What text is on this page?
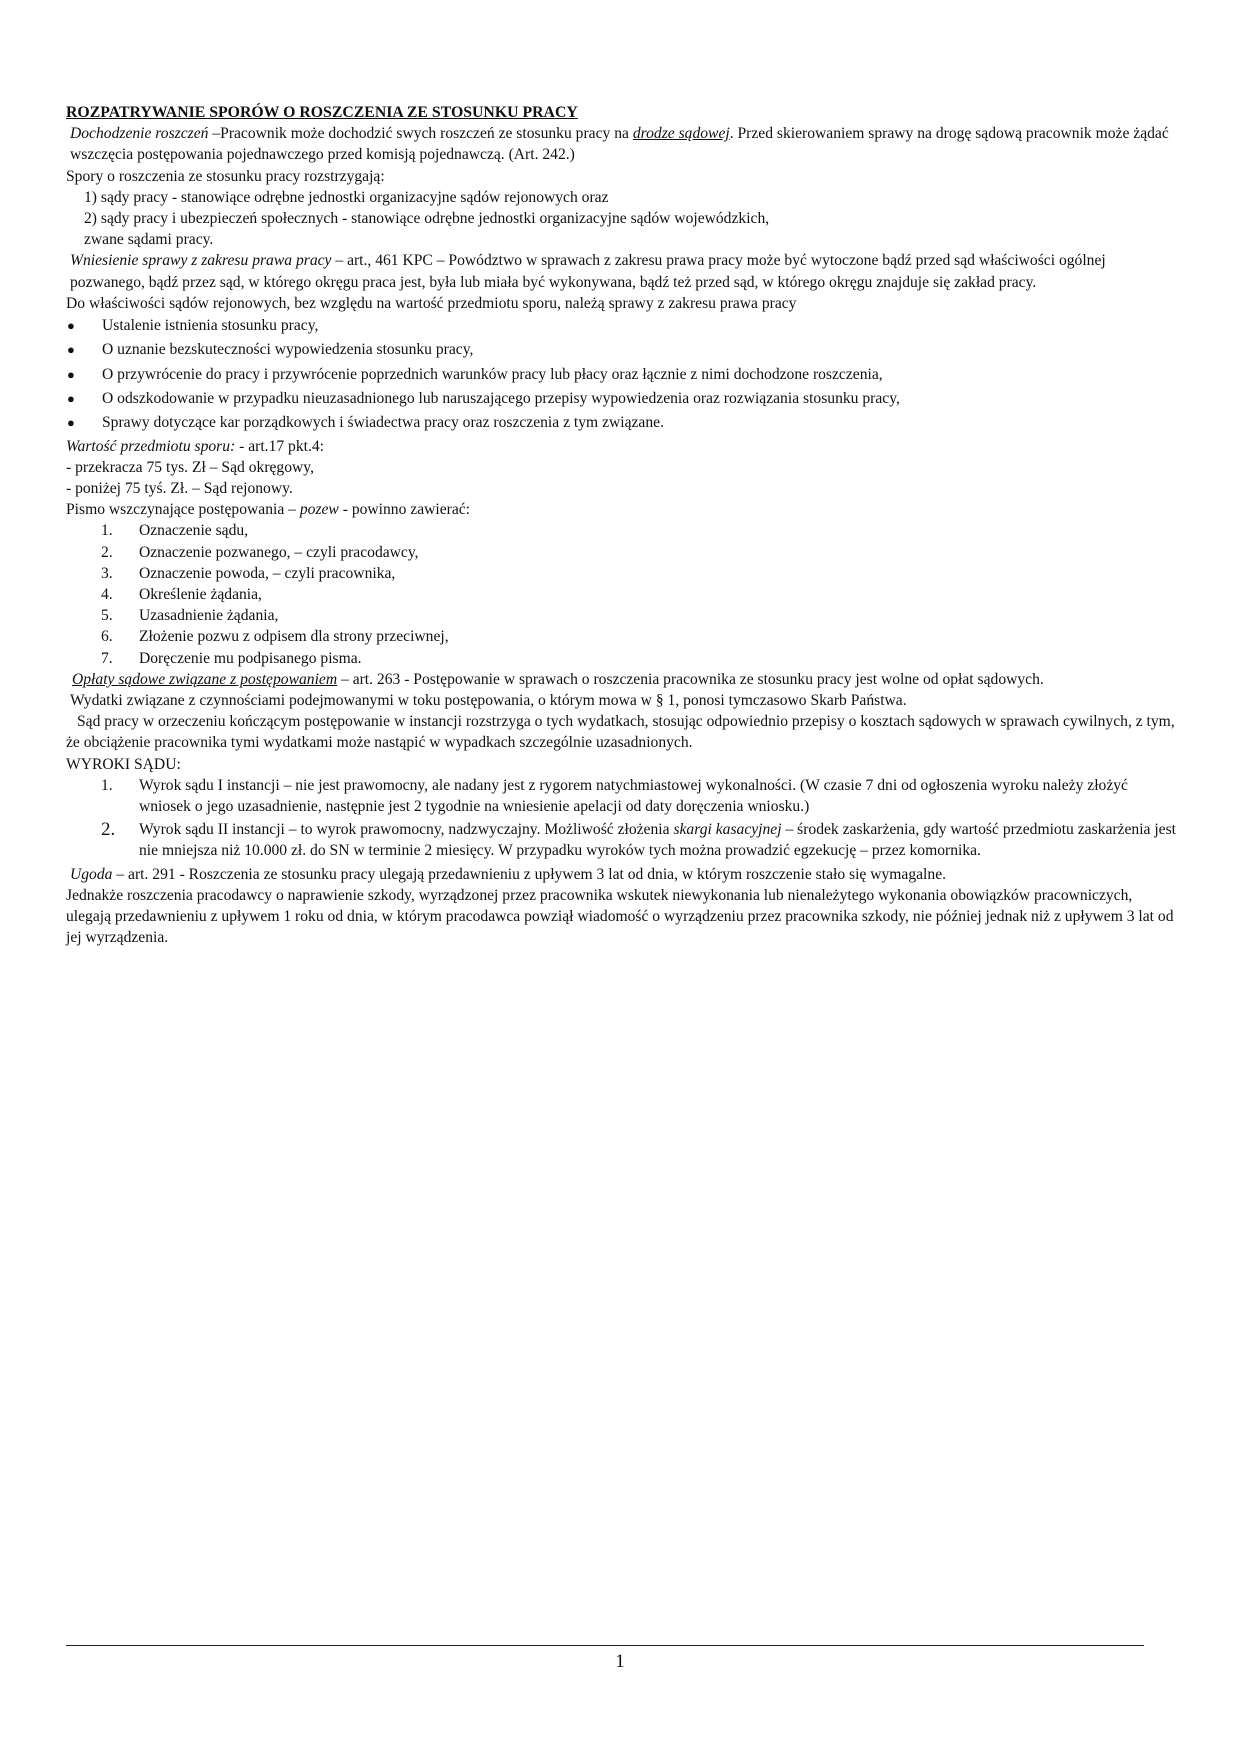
ROZPATRYWANIE SPORÓW O ROSZCZENIA ZE STOSUNKU PRACY

Dochodzenie roszczeń –Pracownik może dochodzić swych roszczeń ze stosunku pracy na drodze sądowej. Przed skierowaniem sprawy na drogę sądową pracownik może żądać wszczęcia postępowania pojednawczego przed komisją pojednawczą. (Art. 242.)

Spory o roszczenia ze stosunku pracy rozstrzygają:

1) sądy pracy - stanowiące odrębne jednostki organizacyjne sądów rejonowych oraz
2) sądy pracy i ubezpieczeń społecznych - stanowiące odrębne jednostki organizacyjne sądów wojewódzkich,
zwane sądami pracy.

Wniesienie sprawy z zakresu prawa pracy – art., 461 KPC – Powództwo w sprawach z zakresu prawa pracy może być wytoczone bądź przed sąd właściwości ogólnej pozwanego, bądź przez sąd, w którego okręgu praca jest, była lub miała być wykonywana, bądź też przed sąd, w którego okręgu znajduje się zakład pracy.

Do właściwości sądów rejonowych, bez względu na wartość przedmiotu sporu, należą sprawy z zakresu prawa pracy

● Ustalenie istnienia stosunku pracy,
● O uznanie bezskuteczności wypowiedzenia stosunku pracy,
● O przywrócenie do pracy i przywrócenie poprzednich warunków pracy lub płacy oraz łącznie z nimi dochodzone roszczenia,
● O odszkodowanie w przypadku nieuzasadnionego lub naruszającego przepisy wypowiedzenia oraz rozwiązania stosunku pracy,
● Sprawy dotyczące kar porządkowych i świadectwa pracy oraz roszczenia z tym związane.

Wartość przedmiotu sporu: - art.17 pkt.4:

- przekracza 75 tys. Zł – Sąd okręgowy,

- poniżej 75 tyś. Zł. – Sąd rejonowy.

Pismo wszczynające postępowania – pozew - powinno zawierać:

1. Oznaczenie sądu,
2. Oznaczenie pozwanego, – czyli pracodawcy,
3. Oznaczenie powoda, – czyli pracownika,
4. Określenie żądania,
5. Uzasadnienie żądania,
6. Złożenie pozwu z odpisem dla strony przeciwnej,
7. Doręczenie mu podpisanego pisma.

Opłaty sądowe związane z postępowaniem – art. 263 - Postępowanie w sprawach o roszczenia pracownika ze stosunku pracy jest wolne od opłat sądowych.

Wydatki związane z czynnościami podejmowanymi w toku postępowania, o którym mowa w § 1, ponosi tymczasowo Skarb Państwa.

Sąd pracy w orzeczeniu kończącym postępowanie w instancji rozstrzyga o tych wydatkach, stosując odpowiednio przepisy o kosztach sądowych w sprawach cywilnych, z tym, że obciążenie pracownika tymi wydatkami może nastąpić w wypadkach szczególnie uzasadnionych.

WYROKI SĄDU:

1. Wyrok sądu I instancji – nie jest prawomocny, ale nadany jest z rygorem natychmiastowej wykonalności. (W czasie 7 dni od ogłoszenia wyroku należy złożyć wniosek o jego uzasadnienie, następnie jest 2 tygodnie na wniesienie apelacji od daty doręczenia wniosku.)
2. Wyrok sądu II instancji – to wyrok prawomocny, nadzwyczajny. Możliwość złożenia skargi kasacyjnej – środek zaskarżenia, gdy wartość przedmiotu zaskarżenia jest nie mniejsza niż 10.000 zł. do SN w terminie 2 miesięcy. W przypadku wyroków tych można prowadzić egzekucję – przez komornika.

Ugoda – art. 291 - Roszczenia ze stosunku pracy ulegają przedawnieniu z upływem 3 lat od dnia, w którym roszczenie stało się wymagalne.

Jednakże roszczenia pracodawcy o naprawienie szkody, wyrządzonej przez pracownika wskutek niewykonania lub nienależytego wykonania obowiązków pracowniczych, ulegają przedawnieniu z upływem 1 roku od dnia, w którym pracodawca powziął wiadomość o wyrządzeniu przez pracownika szkody, nie później jednak niż z upływem 3 lat od jej wyrządzenia.

1
